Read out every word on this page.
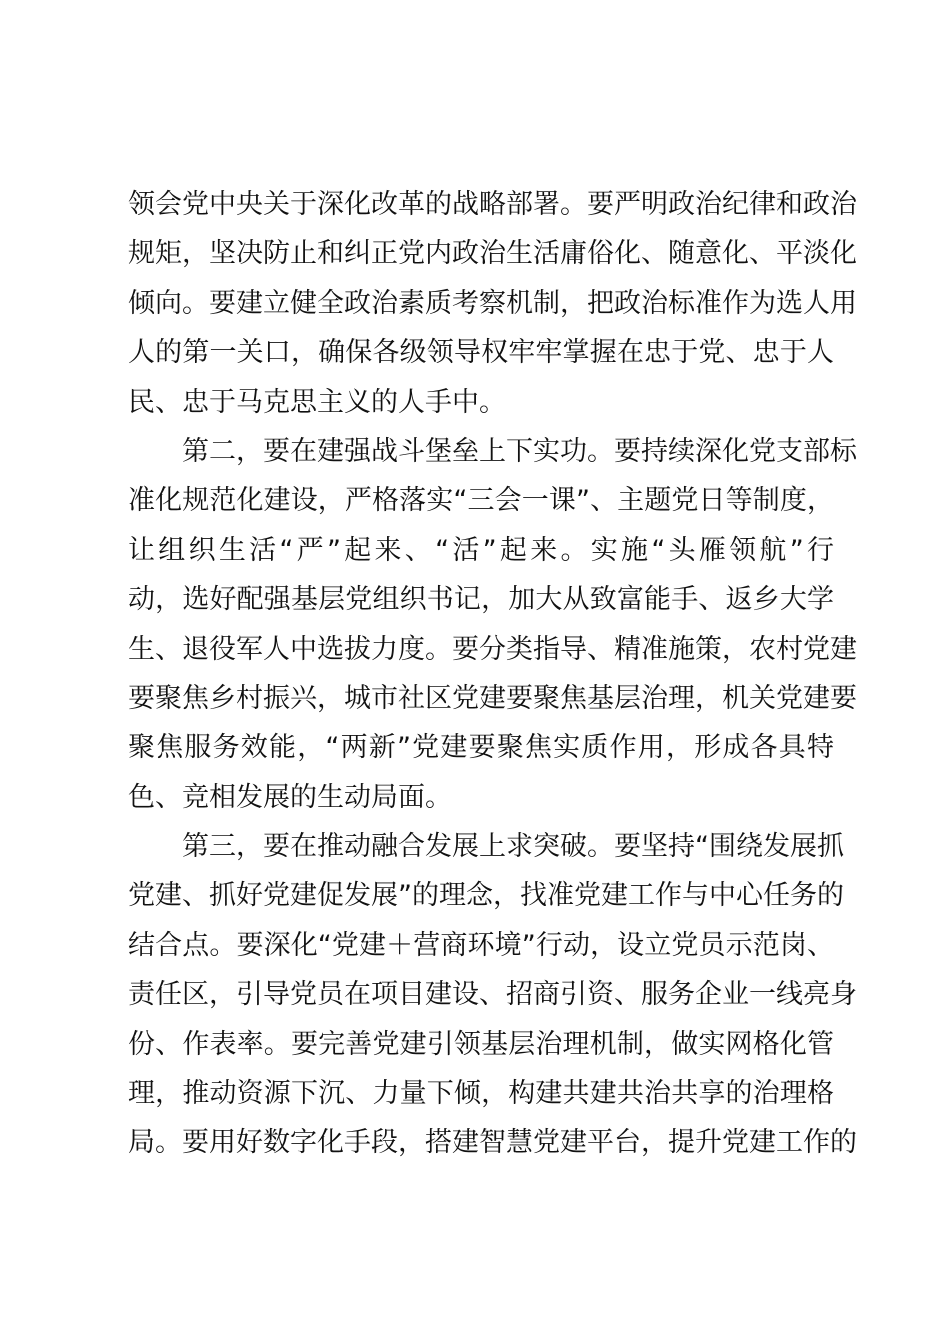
领会党中央关于深化改革的战略部署。要严明政治纪律和政治
规矩，坚决防止和纠正党内政治生活庸俗化、随意化、平淡化
倾向。要建立健全政治素质考察机制，把政治标准作为选人用
人的第一关口，确保各级领导权牢牢掌握在忠于党、忠于人
民、忠于马克思主义的人手中。
　　第二，要在建强战斗堡垒上下实功。要持续深化党支部标
准化规范化建设，严格落实“三会一课”、主题党日等制度，
让组织生活“严”起来、“活”起来。实施“头雁领航”行
动，选好配强基层党组织书记，加大从致富能手、返乡大学
生、退役军人中选拔力度。要分类指导、精准施策，农村党建
要聚焦乡村振兴，城市社区党建要聚焦基层治理，机关党建要
聚焦服务效能，“两新”党建要聚焦实质作用，形成各具特
色、竞相发展的生动局面。
　　第三，要在推动融合发展上求突破。要坚持“围绕发展抓
党建、抓好党建促发展”的理念，找准党建工作与中心任务的
结合点。要深化“党建＋营商环境”行动，设立党员示范岗、
责任区，引导党员在项目建设、招商引资、服务企业一线亮身
份、作表率。要完善党建引领基层治理机制，做实网格化管
理，推动资源下沉、力量下倾，构建共建共治共享的治理格
局。要用好数字化手段，搭建智慧党建平台，提升党建工作的
